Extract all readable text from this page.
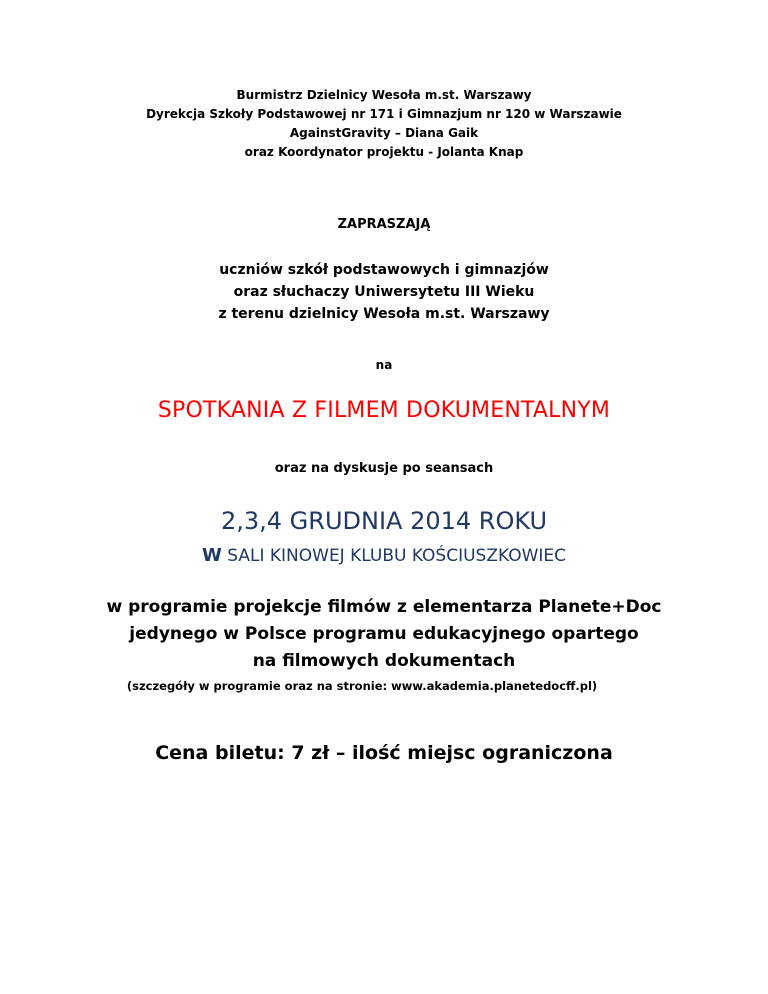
Burmistrz Dzielnicy Wesoła m.st. Warszawy
Dyrekcja Szkoły Podstawowej nr 171 i Gimnazjum nr 120 w Warszawie
AgainstGravity – Diana Gaik
oraz Koordynator projektu - Jolanta Knap
ZAPRASZAJĄ
uczniów szkół podstawowych i gimnazjów
oraz słuchaczy Uniwersytetu III Wieku
z terenu dzielnicy Wesoła m.st. Warszawy
na
SPOTKANIA Z FILMEM DOKUMENTALNYM
oraz na dyskusje po seansach
2,3,4 GRUDNIA 2014 ROKU
W SALI KINOWEJ KLUBU KOŚCIUSZKOWIEC
w programie projekcje filmów z elementarza Planete+Doc
jedynego w Polsce programu edukacyjnego opartego
na filmowych dokumentach
(szczegóły w programie oraz na stronie: www.akademia.planetedocff.pl)
Cena biletu: 7 zł – ilość miejsc ograniczona
